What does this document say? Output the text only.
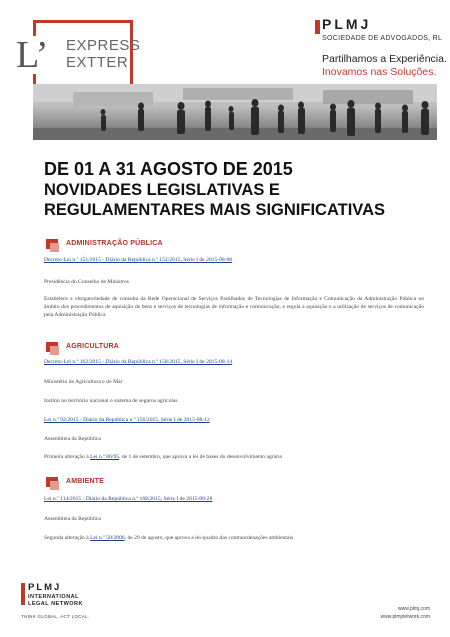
L’ EXPRESS
EXTTER
PLMJ
SOCIEDADE DE ADVOGADOS, RL
Partilhamos a Experiência.
Inovamos nas Soluções.
DE 01 A 31 AGOSTO DE 2015
NOVIDADES LEGISLATIVAS E
REGULAMENTARES MAIS SIGNIFICATIVAS
ADMINISTRAÇÃO PÚBLICA
Decreto-Lei n.º 151/2015 - Diário da República n.º 152/2015, Série I de 2015-08-06
Presidência do Conselho de Ministros
Estabelece a obrigatoriedade de consulta da Rede Operacional de Serviços Partilhados de Tecnologias de Informação e Comunicação da Administração Pública no âmbito dos procedimentos de aquisição de bens e serviços de tecnologias de informação e comunicação, e regula a aquisição e a utilização de serviços de comunicação pela Administração Pública
AGRICULTURA
Decreto-Lei n.º 162/2015 - Diário da República n.º 158/2015, Série I de 2015-08-14
Ministério da Agricultura e do Mar
Institui no território nacional o sistema de seguros agrícolas
Lei n.º 92/2015 - Diário da República n.º 156/2015, Série I de 2015-08-12
Assembleia da República
Primeira alteração à Lei n.º 86/95, de 1 de setembro, que aprova a lei de bases do desenvolvimento agrário
AMBIENTE
Lei n.º 114/2015 - Diário da República n.º 168/2015, Série I de 2015-08-28
Assembleia da República
Segunda alteração à Lei n.º 50/2006, de 29 de agosto, que aprova a lei-quadro das contraordenações ambientais
PLMJ
INTERNATIONAL
LEGAL NETWORK
THINK GLOBAL, ACT LOCAL.
www.plmj.com
www.plmjnetwork.com
